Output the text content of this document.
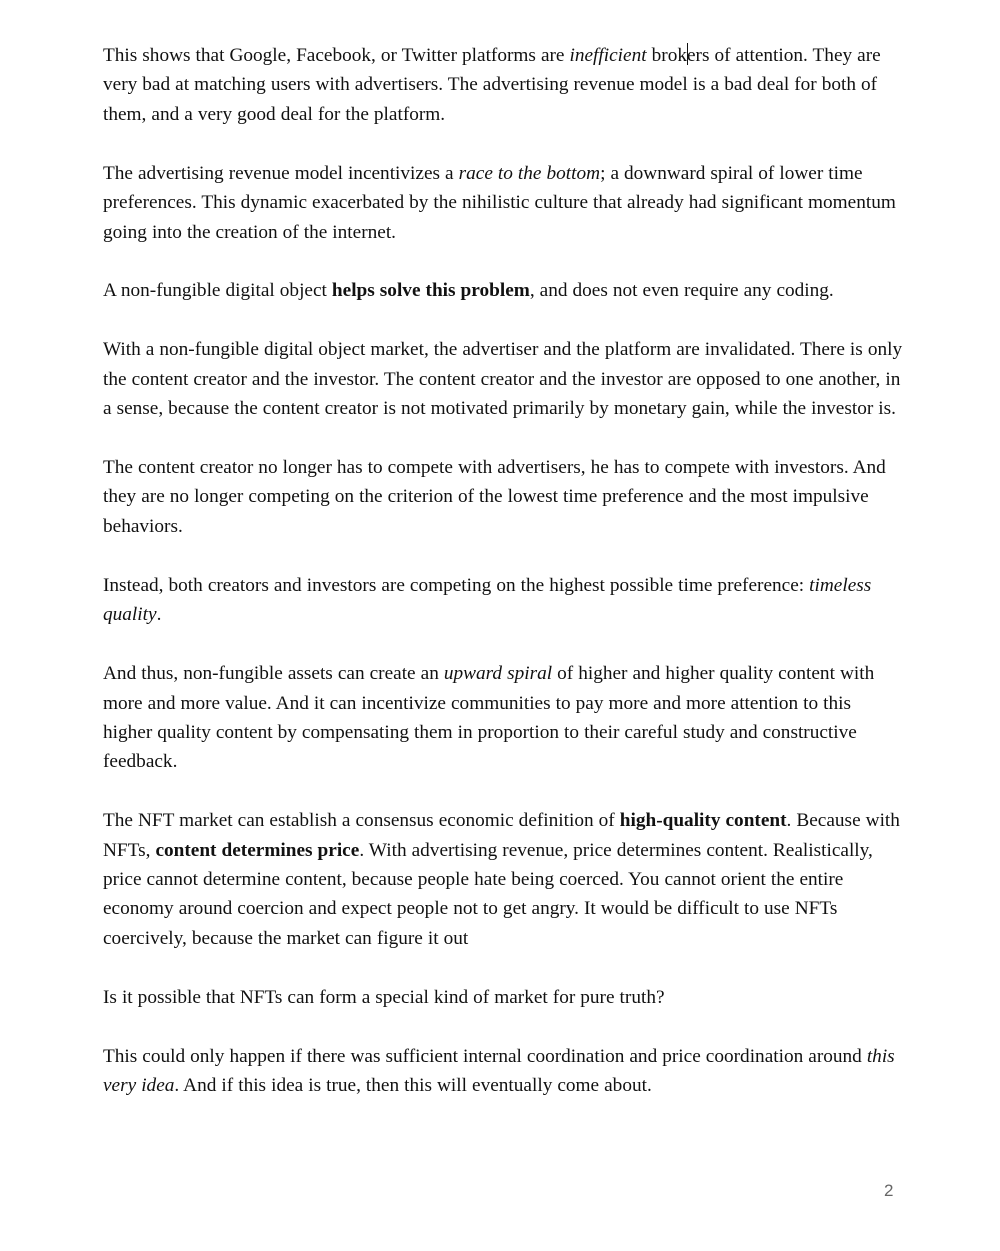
This shows that Google, Facebook, or Twitter platforms are inefficient brokers of attention. They are very bad at matching users with advertisers. The advertising revenue model is a bad deal for both of them, and a very good deal for the platform.

The advertising revenue model incentivizes a race to the bottom; a downward spiral of lower time preferences. This dynamic exacerbated by the nihilistic culture that already had significant momentum going into the creation of the internet.

A non-fungible digital object helps solve this problem, and does not even require any coding.

With a non-fungible digital object market, the advertiser and the platform are invalidated. There is only the content creator and the investor. The content creator and the investor are opposed to one another, in a sense, because the content creator is not motivated primarily by monetary gain, while the investor is.

The content creator no longer has to compete with advertisers, he has to compete with investors. And they are no longer competing on the criterion of the lowest time preference and the most impulsive behaviors.

Instead, both creators and investors are competing on the highest possible time preference: timeless quality.

And thus, non-fungible assets can create an upward spiral of higher and higher quality content with more and more value. And it can incentivize communities to pay more and more attention to this higher quality content by compensating them in proportion to their careful study and constructive feedback.

The NFT market can establish a consensus economic definition of high-quality content. Because with NFTs, content determines price. With advertising revenue, price determines content. Realistically, price cannot determine content, because people hate being coerced. You cannot orient the entire economy around coercion and expect people not to get angry. It would be difficult to use NFTs coercively, because the market can figure it out

Is it possible that NFTs can form a special kind of market for pure truth?

This could only happen if there was sufficient internal coordination and price coordination around this very idea. And if this idea is true, then this will eventually come about.

2
